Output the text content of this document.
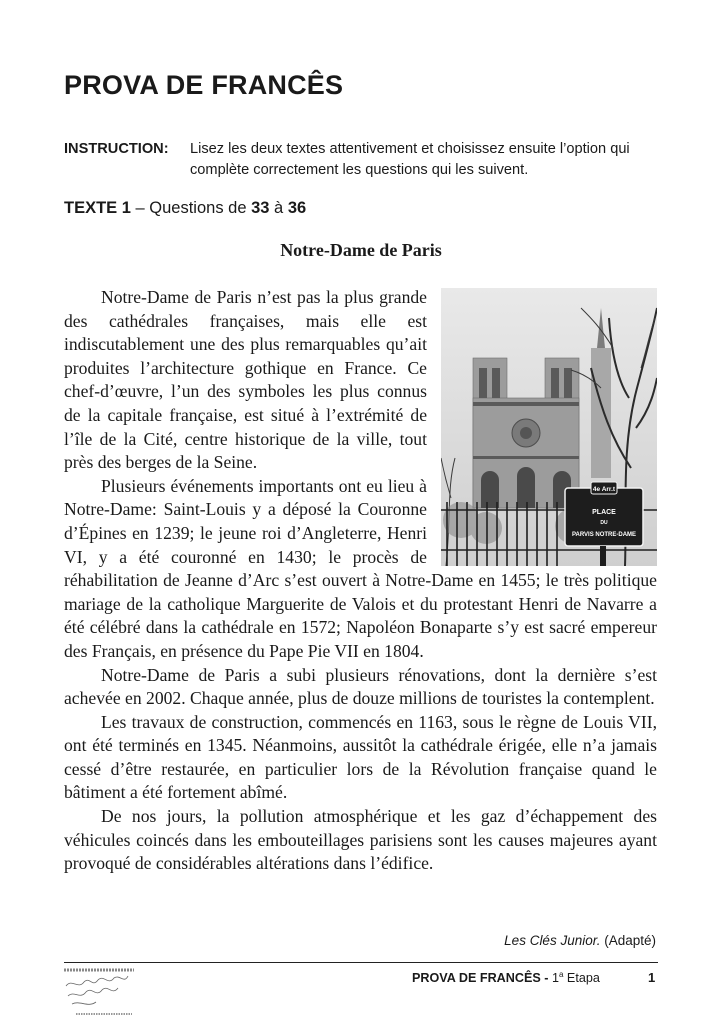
PROVA DE FRANCÊS
INSTRUCTION: Lisez les deux textes attentivement et choisissez ensuite l’option qui complète correctement les questions qui les suivent.
TEXTE 1 – Questions de 33 à 36
Notre-Dame de Paris
4e Arr.t
PLACE
DU
PARVIS NOTRE-DAME

Notre-Dame de Paris n’est pas la plus grande des cathédrales françaises, mais elle est indiscutablement une des plus remarquables qu’ait produites l’architecture gothique en France. Ce chef-d’œuvre, l’un des symboles les plus connus de la capitale française, est situé à l’extrémité de l’île de la Cité, centre historique de la ville, tout près des berges de la Seine.

Plusieurs événements importants ont eu lieu à Notre-Dame: Saint-Louis y a déposé la Couronne d’Épines en 1239; le jeune roi d’Angleterre, Henri VI, y a été couronné en 1430; le procès de réhabilitation de Jeanne d’Arc s’est ouvert à Notre-Dame en 1455; le très politique mariage de la catholique Marguerite de Valois et du protestant Henri de Navarre a été célébré dans la cathédrale en 1572; Napoléon Bonaparte s’y est sacré empereur des Français, en présence du Pape Pie VII en 1804.

Notre-Dame de Paris a subi plusieurs rénovations, dont la dernière s’est achevée en 2002. Chaque année, plus de douze millions de touristes la contemplent.

Les travaux de construction, commencés en 1163, sous le règne de Louis VII, ont été terminés en 1345. Néanmoins, aussitôt la cathédrale érigée, elle n’a jamais cessé d’être restaurée, en particulier lors de la Révolution française quand le bâtiment a été fortement abîmé.

De nos jours, la pollution atmosphérique et les gaz d’échappement des véhicules coincés dans les embouteillages parisiens sont les causes majeures ayant provoqué de considérables altérations dans l’édifice.

Les Clés Junior. (Adapté)
PROVA DE FRANCÊS - 1$^a$ Etapa	1
